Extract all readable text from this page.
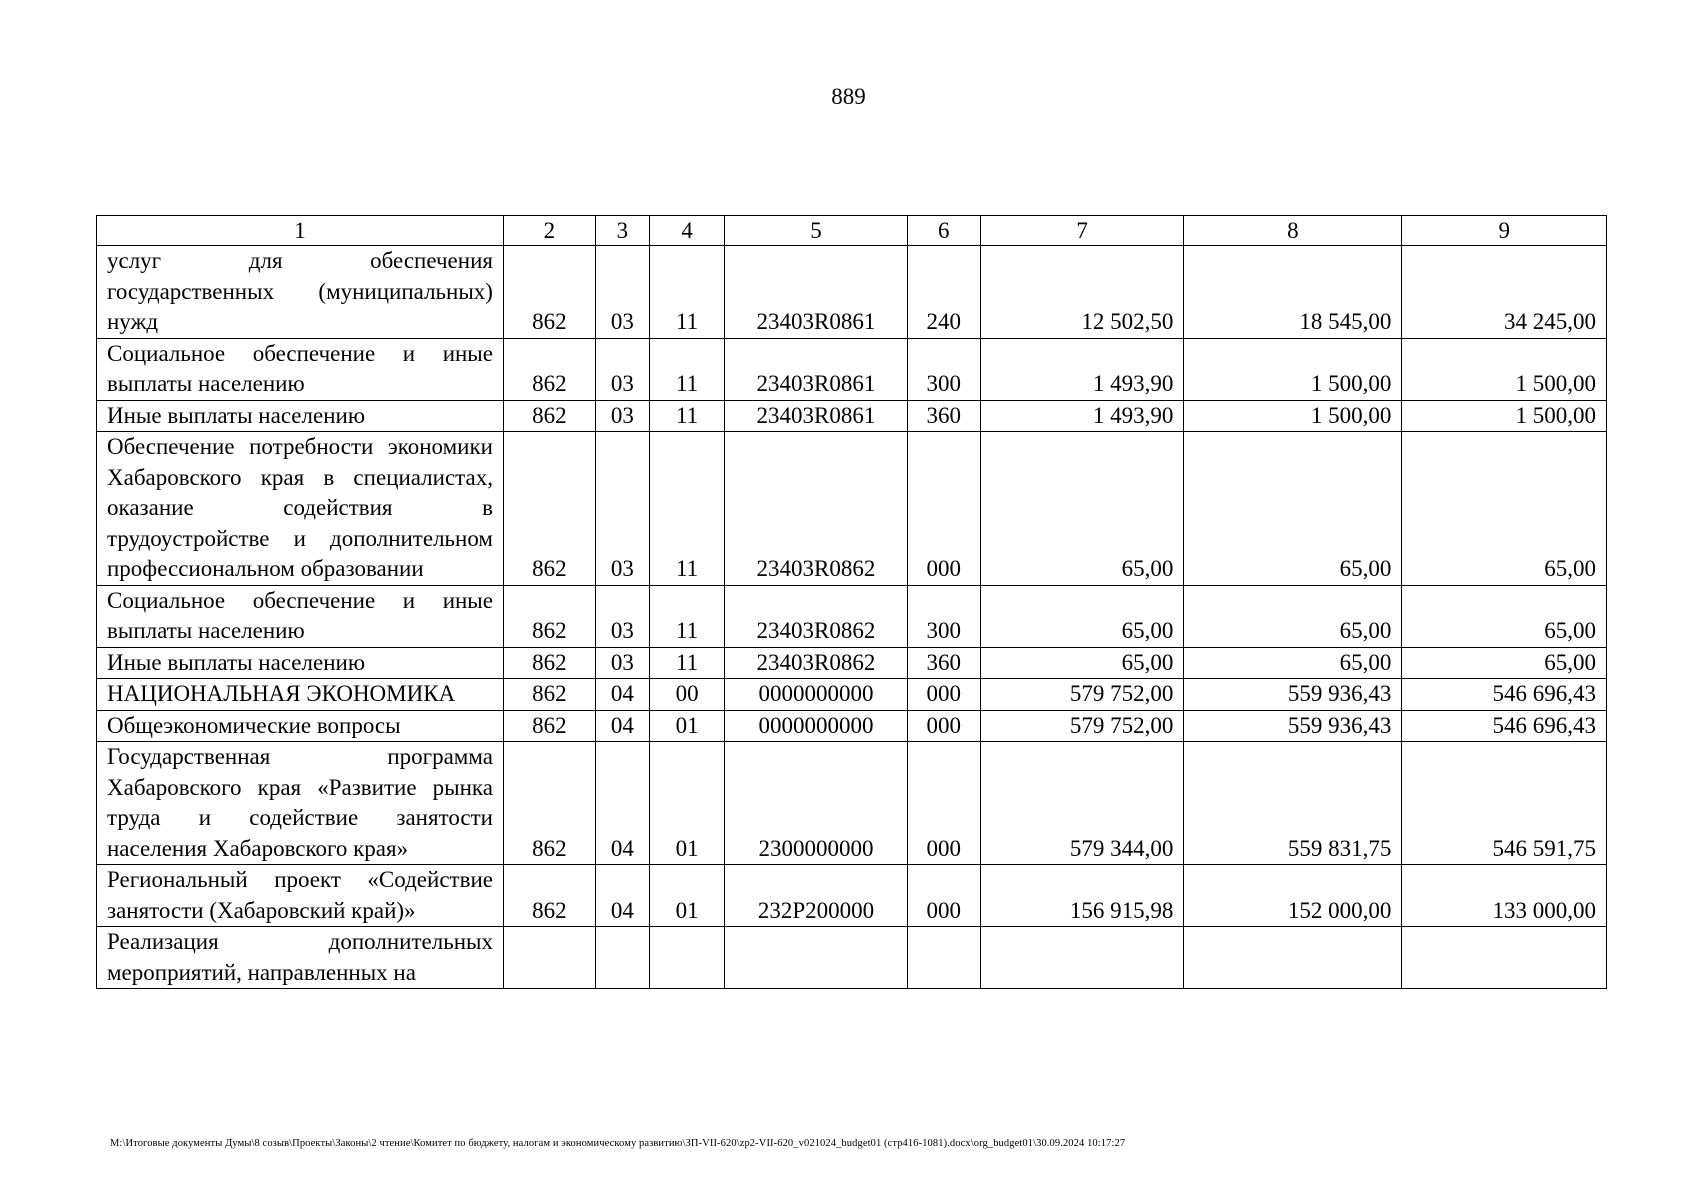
889
1	2	3	4	5	6	7	8	9
услуг для обеспечения государственных (муниципальных) нужд	862	03	11	23403R0861	240	12 502,50	18 545,00	34 245,00
Социальное обеспечение и иные выплаты населению	862	03	11	23403R0861	300	1 493,90	1 500,00	1 500,00
Иные выплаты населению	862	03	11	23403R0861	360	1 493,90	1 500,00	1 500,00
Обеспечение потребности экономики Хабаровского края в специалистах, оказание содействия в трудоустройстве и дополнительном профессиональном образовании	862	03	11	23403R0862	000	65,00	65,00	65,00
Социальное обеспечение и иные выплаты населению	862	03	11	23403R0862	300	65,00	65,00	65,00
Иные выплаты населению	862	03	11	23403R0862	360	65,00	65,00	65,00
НАЦИОНАЛЬНАЯ ЭКОНОМИКА	862	04	00	0000000000	000	579 752,00	559 936,43	546 696,43
Общеэкономические вопросы	862	04	01	0000000000	000	579 752,00	559 936,43	546 696,43
Государственная программа Хабаровского края «Развитие рынка труда и содействие занятости населения Хабаровского края»	862	04	01	2300000000	000	579 344,00	559 831,75	546 591,75
Региональный проект «Содействие занятости (Хабаровский край)»	862	04	01	232Р200000	000	156 915,98	152 000,00	133 000,00
Реализация дополнительных мероприятий, направленных на								
M:\Итоговые документы Думы\8 созыв\Проекты\Законы\2 чтение\Комитет по бюджету, налогам и экономическому развитию\ЗП-VII-620\zp2-VII-620_v021024_budget01 (стр416-1081).docx\org_budget01\30.09.2024 10:17:27
